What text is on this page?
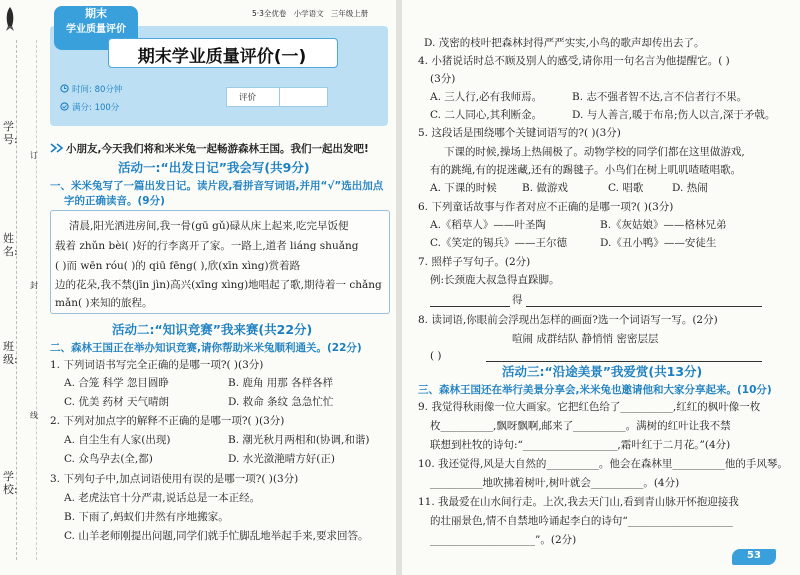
学号:
姓名:
班级:
学校:
订
封
线
期末
学业质量评价
5·3全优卷 小学语文 三年级上册
期末学业质量评价(一)
时间: 80分钟
满分: 100分
评价
小朋友,今天我们将和米米兔一起畅游森林王国。我们一起出发吧!
活动一:“出发日记”我会写(共9分)
一、米米兔写了一篇出发日记。读片段,看拼音写词语,并用“√”选出加点
字的正确读音。(9分)
清晨,阳光洒进房间,我一骨(gū gǔ)碌从床上起来,吃完早饭便
载着 zhǔn bèi( )好的行李离开了家。一路上,道者 liáng shuǎng
( )而 wēn róu( )的 qiū fēng( ),欣(xīn xìng)赏着路
边的花朵,我不禁(jīn jìn)高兴(xīng xìng)地唱起了歌,期待着一 chǎng
mǎn( )来知的旅程。
活动二:“知识竞赛”我来赛(共22分)
二、森林王国正在举办知识竞赛,请你帮助米米兔顺利通关。(22分)
1. 下列词语书写完全正确的是哪一项?( )(3分)
A. 合笼 科学 忽目圆睁	B. 鹿角 用那 各样各样
C. 优美 药材 天气晴朗	D. 救命 条纹 急急忙忙
2. 下列对加点字的解释不正确的是哪一项?( )(3分)
A. 自尘生有人家(出现)	B. 潮光秋月两相和(协调,和谐)
C. 众鸟孕去(全,都)	D. 水光潋滟晴方好(正)
3. 下列句子中,加点词语使用有误的是哪一项?( )(3分)
A. 老虎法官十分严肃,说话总是一本正经。
B. 下雨了,蚂蚁们井然有序地搬家。
C. 山羊老师刚提出问题,同学们就手忙脚乱地举起手来,要求回答。
D. 茂密的枝叶把森林封得严严实实,小鸟的歌声却传出去了。
4. 小猪说话时总不顾及别人的感受,请你用一句名言为他提醒它。( )
(3分)
A. 三人行,必有我师焉。	B. 志不强者智不达,言不信者行不果。
C. 二人同心,其利断金。	D. 与人善言,暖于布帛;伤人以言,深于矛戟。
5. 这段话是围绕哪个关键词语写的?( )(3分)
下课的时候,操场上热闹极了。动物学校的同学们都在这里做游戏,
有的跳绳,有的捉迷藏,还有的踢毽子。小鸟们在树上叽叽喳喳唱歌。
A. 下课的时候 B. 做游戏	C. 唱歌	D. 热闹
6. 下列童话故事与作者对应不正确的是哪一项?( )(3分)
A.《稻草人》——叶圣陶	B.《灰姑娘》——格林兄弟
C.《笑定的锡兵》——王尔德	D.《丑小鸭》——安徒生
7. 照样子写句子。(2分)
例:长颈鹿大叔急得直跺脚。
得
8. 读词语,你眼前会浮现出怎样的画面?选一个词语写一写。(2分)
喧闹 成群结队 静悄悄 密密层层
( )
活动三:“沿途美景”我爱赏(共13分)
三、森林王国还在举行美景分享会,米米兔也邀请他和大家分享起来。(10分)
9. 我觉得秋雨像一位大画家。它把红色给了__________,红红的枫叶像一枚
枚__________,飘呀飘啊,邮来了__________。满树的红叶让我不禁
联想到杜牧的诗句:“__________________,霜叶红于二月花。”(4分)
10. 我还觉得,风是大自然的__________。他会在森林里__________他的手风琴。
__________地吹拂着树叶,树叶就会__________。(4分)
11. 我最爱在山水间行走。上次,我去天门山,看到青山脉开怀抱迎接我
的壮丽景色,情不自禁地吟诵起李白的诗句“____________________
____________________”。(2分)
53
